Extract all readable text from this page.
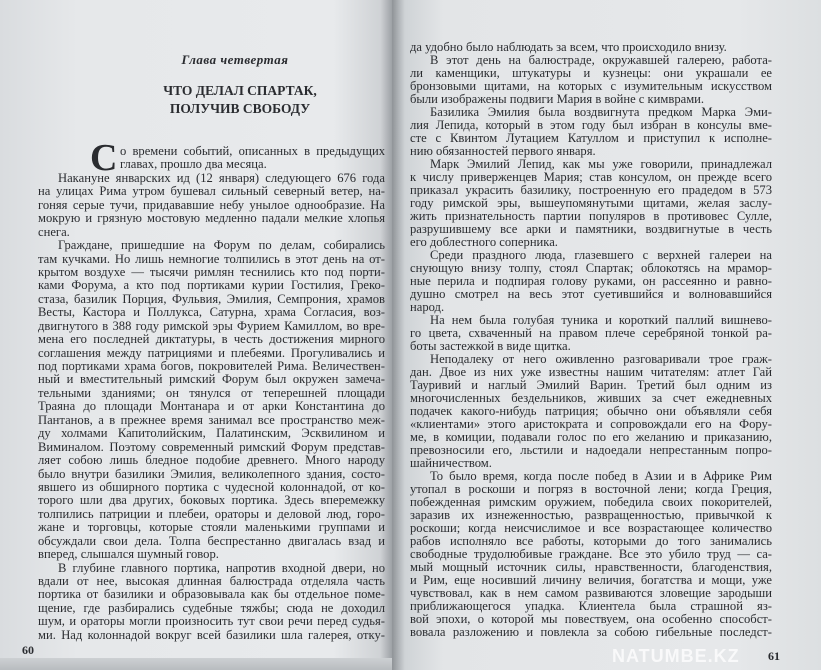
Глава четвертая
ЧТО ДЕЛАЛ СПАРТАК,
ПОЛУЧИВ СВОБОДУ
С о времени событий, описанных в предыдущих
главах, прошло два месяца.
Накануне январских ид (12 января) следующего 676 года
на улицах Рима утром бушевал сильный северный ветер, на-
гоняя серые тучи, придававшие небу унылое однообразие. На
мокрую и грязную мостовую медленно падали мелкие хлопья
снега.
Граждане, пришедшие на Форум по делам, собирались
там кучками. Но лишь немногие толпились в этот день на от-
крытом воздухе — тысячи римлян теснились кто под порти-
ками Форума, а кто под портиками курии Гостилия, Греко-
стаза, базилик Порция, Фульвия, Эмилия, Семпрония, храмов
Весты, Кастора и Поллукса, Сатурна, храма Согласия, воз-
двигнутого в 388 году римской эры Фурием Камиллом, во вре-
мена его последней диктатуры, в честь достижения мирного
соглашения между патрициями и плебеями. Прогуливались и
под портиками храма богов, покровителей Рима. Величествен-
ный и вместительный римский Форум был окружен замеча-
тельными зданиями; он тянулся от теперешней площади
Траяна до площади Монтанара и от арки Константина до
Пантанов, а в прежнее время занимал все пространство меж-
ду холмами Капитолийским, Палатинским, Эсквилином и
Виминалом. Поэтому современный римский Форум представ-
ляет собою лишь бледное подобие древнего. Много народу
было внутри базилики Эмилия, великолепного здания, состо-
явшего из обширного портика с чудесной колоннадой, от ко-
торого шли два других, боковых портика. Здесь вперемежку
толпились патриции и плебеи, ораторы и деловой люд, горо-
жане и торговцы, которые стояли маленькими группами и
обсуждали свои дела. Толпа беспрестанно двигалась взад и
вперед, слышался шумный говор.
В глубине главного портика, напротив входной двери, но
вдали от нее, высокая длинная балюстрада отделяла часть
портика от базилики и образовывала как бы отдельное поме-
щение, где разбирались судебные тяжбы; сюда не доходил
шум, и ораторы могли произносить тут свои речи перед судья-
ми. Над колоннадой вокруг всей базилики шла галерея, отку-
60
да удобно было наблюдать за всем, что происходило внизу.
В этот день на балюстраде, окружавшей галерею, работа-
ли каменщики, штукатуры и кузнецы: они украшали ее
бронзовыми щитами, на которых с изумительным искусством
были изображены подвиги Мария в войне с кимврами.
Базилика Эмилия была воздвигнута предком Марка Эми-
лия Лепида, который в этом году был избран в консулы вме-
сте с Квинтом Лутацием Катуллом и приступил к исполне-
нию обязанностей первого января.
Марк Эмилий Лепид, как мы уже говорили, принадлежал
к числу приверженцев Мария; став консулом, он прежде всего
приказал украсить базилику, построенную его прадедом в 573
году римской эры, вышеупомянутыми щитами, желая заслу-
жить признательность партии популяров в противовес Сулле,
разрушившему все арки и памятники, воздвигнутые в честь
его доблестного соперника.
Среди праздного люда, глазевшего с верхней галереи на
снующую внизу толпу, стоял Спартак; облокотясь на мрамор-
ные перила и подпирая голову руками, он рассеянно и равно-
душно смотрел на весь этот суетившийся и волновавшийся
народ.
На нем была голубая туника и короткий паллий вишнево-
го цвета, схваченный на правом плече серебряной тонкой ра-
боты застежкой в виде щитка.
Неподалеку от него оживленно разговаривали трое граж-
дан. Двое из них уже известны нашим читателям: атлет Гай
Тауривий и наглый Эмилий Варин. Третий был одним из
многочисленных бездельников, живших за счет ежедневных
подачек какого-нибудь патриция; обычно они объявляли себя
«клиентами» этого аристократа и сопровождали его на Фору-
ме, в комиции, подавали голос по его желанию и приказанию,
превозносили его, льстили и надоедали непрестанным попро-
шайничеством.
То было время, когда после побед в Азии и в Африке Рим
утопал в роскоши и погряз в восточной лени; когда Греция,
побежденная римским оружием, победила своих покорителей,
заразив их изнеженностью, развращенностью, привычкой к
роскоши; когда неисчислимое и все возрастающее количество
рабов исполняло все работы, которыми до того занимались
свободные трудолюбивые граждане. Все это убило труд — са-
мый мощный источник силы, нравственности, благоденствия,
и Рим, еще носивший личину величия, богатства и мощи, уже
чувствовал, как в нем самом развиваются зловещие зародыши
приближающегося упадка. Клиентела была страшной яз-
вой эпохи, о которой мы повествуем, она особенно способст-
вовала разложению и повлекла за собою гибельные последст-
NATUMBE.KZ 61
